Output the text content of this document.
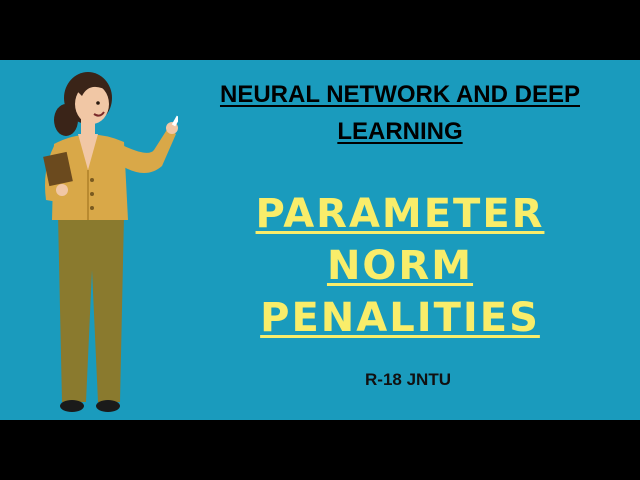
NEURAL NETWORK AND DEEP
LEARNING
PARAMETER
NORM
PENALITIES
R-18 JNTU
